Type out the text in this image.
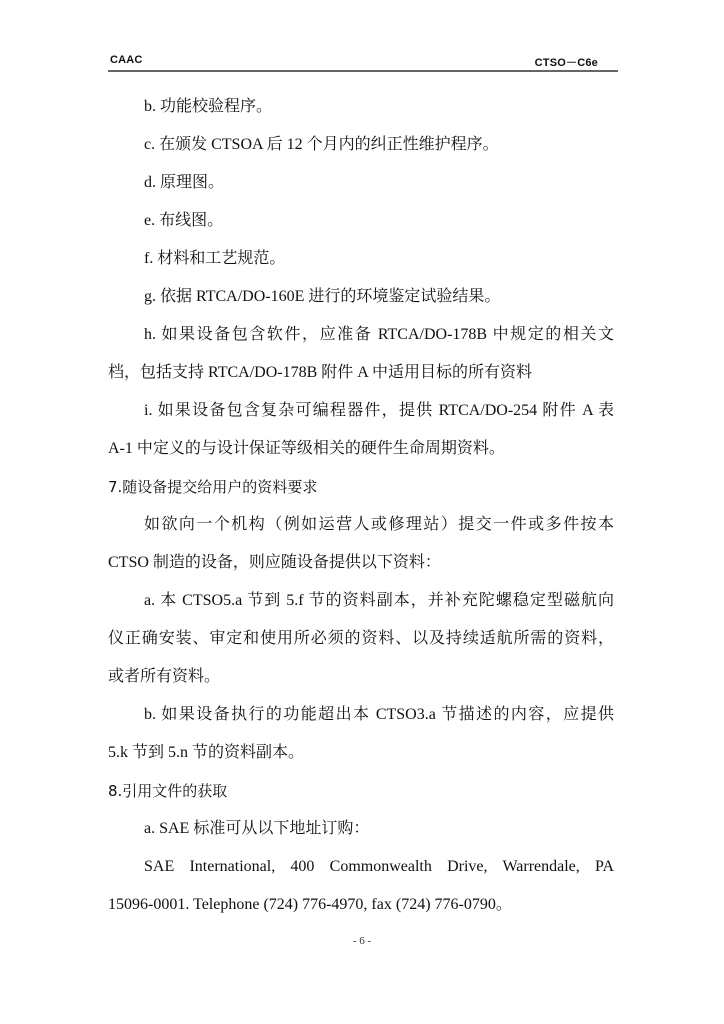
CAAC	CTSO－C6e
b. 功能校验程序。
c. 在颁发 CTSOA 后 12 个月内的纠正性维护程序。
d. 原理图。
e. 布线图。
f. 材料和工艺规范。
g. 依据 RTCA/DO-160E 进行的环境鉴定试验结果。
h. 如果设备包含软件，应准备 RTCA/DO-178B 中规定的相关文
档，包括支持 RTCA/DO-178B 附件 A 中适用目标的所有资料
i. 如果设备包含复杂可编程器件，提供 RTCA/DO-254 附件 A 表
A-1 中定义的与设计保证等级相关的硬件生命周期资料。
7.随设备提交给用户的资料要求
如欲向一个机构（例如运营人或修理站）提交一件或多件按本
CTSO 制造的设备，则应随设备提供以下资料：
a. 本 CTSO5.a 节到 5.f 节的资料副本，并补充陀螺稳定型磁航向
仪正确安装、审定和使用所必须的资料、以及持续适航所需的资料，
或者所有资料。
b. 如果设备执行的功能超出本 CTSO3.a 节描述的内容，应提供
5.k 节到 5.n 节的资料副本。
8.引用文件的获取
a. SAE 标准可从以下地址订购：
SAE International, 400 Commonwealth Drive, Warrendale, PA
15096-0001. Telephone (724) 776-4970, fax (724) 776-0790。
- 6 -
